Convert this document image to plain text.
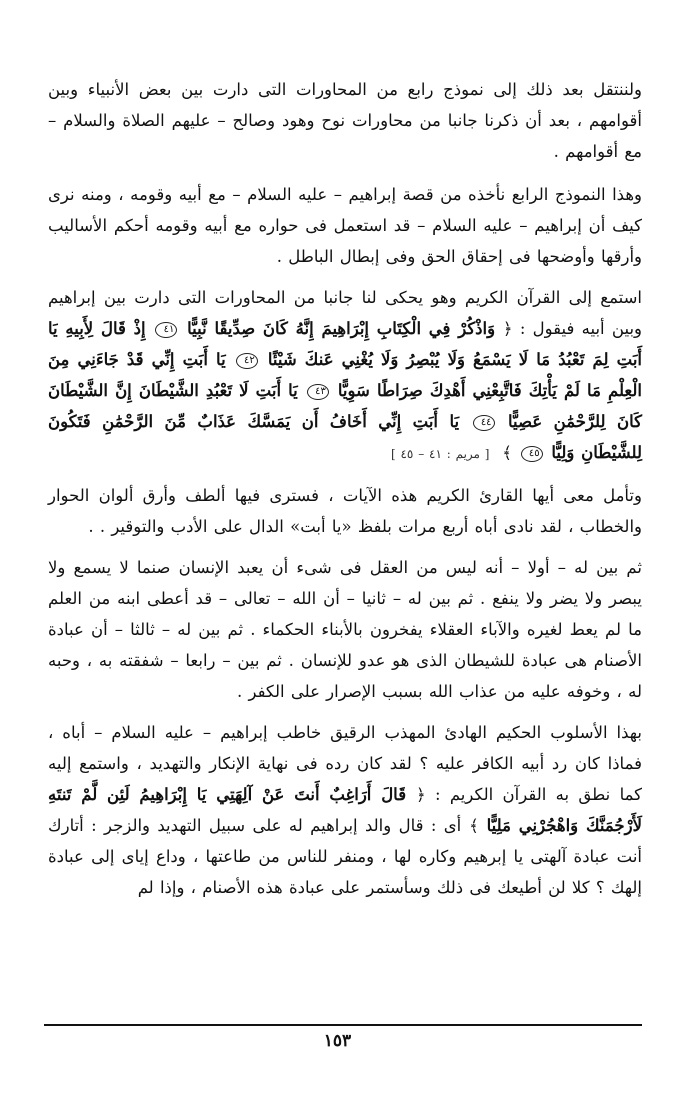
ولننتقل بعد ذلك إلى نموذج رابع من المحاورات التى دارت بين بعض الأنبياء وبين أقوامهم ، بعد أن ذكرنا جانبا من محاورات نوح وهود وصالح – عليهم الصلاة والسلام – مع أقوامهم .

وهذا النموذج الرابع نأخذه من قصة إبراهيم – عليه السلام – مع أبيه وقومه ، ومنه نرى كيف أن إبراهيم – عليه السلام – قد استعمل فى حواره مع أبيه وقومه أحكم الأساليب وأرقها وأوضحها فى إحقاق الحق وفى إبطال الباطل .

استمع إلى القرآن الكريم وهو يحكى لنا جانبا من المحاورات التى دارت بين إبراهيم وبين أبيه فيقول : ﴿ وَاذْكُرْ فِي الْكِتَابِ إِبْرَاهِيمَ إِنَّهُ كَانَ صِدِّيقًا نَّبِيًّا ٤١ إِذْ قَالَ لِأَبِيهِ يَا أَبَتِ لِمَ تَعْبُدُ مَا لَا يَسْمَعُ وَلَا يُبْصِرُ وَلَا يُغْنِي عَنكَ شَيْئًا ٤٢ يَا أَبَتِ إِنِّي قَدْ جَاءَنِي مِنَ الْعِلْمِ مَا لَمْ يَأْتِكَ فَاتَّبِعْنِي أَهْدِكَ صِرَاطًا سَوِيًّا ٤٣ يَا أَبَتِ لَا تَعْبُدِ الشَّيْطَانَ إِنَّ الشَّيْطَانَ كَانَ لِلرَّحْمَٰنِ عَصِيًّا ٤٤ يَا أَبَتِ إِنِّي أَخَافُ أَن يَمَسَّكَ عَذَابٌ مِّنَ الرَّحْمَٰنِ فَتَكُونَ لِلشَّيْطَانِ وَلِيًّا ٤٥ ﴾ [ مريم : ٤١ – ٤٥ ]

وتأمل معى أيها القارئ الكريم هذه الآيات ، فسترى فيها ألطف وأرق ألوان الحوار والخطاب ، لقد نادى أباه أربع مرات بلفظ «يا أبت» الدال على الأدب والتوقير . .

ثم بين له – أولا – أنه ليس من العقل فى شىء أن يعبد الإنسان صنما لا يسمع ولا يبصر ولا يضر ولا ينفع . ثم بين له – ثانيا – أن الله – تعالى – قد أعطى ابنه من العلم ما لم يعط لغيره والآباء العقلاء يفخرون بالأبناء الحكماء . ثم بين له – ثالثا – أن عبادة الأصنام هى عبادة للشيطان الذى هو عدو للإنسان . ثم بين – رابعا – شفقته به ، وحبه له ، وخوفه عليه من عذاب الله بسبب الإصرار على الكفر .

بهذا الأسلوب الحكيم الهادئ المهذب الرقيق خاطب إبراهيم – عليه السلام – أباه ، فماذا كان رد أبيه الكافر عليه ؟ لقد كان رده فى نهاية الإنكار والتهديد ، واستمع إليه كما نطق به القرآن الكريم : ﴿ قَالَ أَرَاغِبٌ أَنتَ عَنْ آلِهَتِي يَا إِبْرَاهِيمُ لَئِن لَّمْ تَنتَهِ لَأَرْجُمَنَّكَ وَاهْجُرْنِي مَلِيًّا ﴾ أى : قال والد إبراهيم له على سبيل التهديد والزجر : أتارك أنت عبادة آلهتى يا إبرهيم وكاره لها ، ومنفر للناس من طاعتها ، وداع إياى إلى عبادة إلهك ؟ كلا لن أطيعك فى ذلك وسأستمر على عبادة هذه الأصنام ، وإذا لم

١٥٣
